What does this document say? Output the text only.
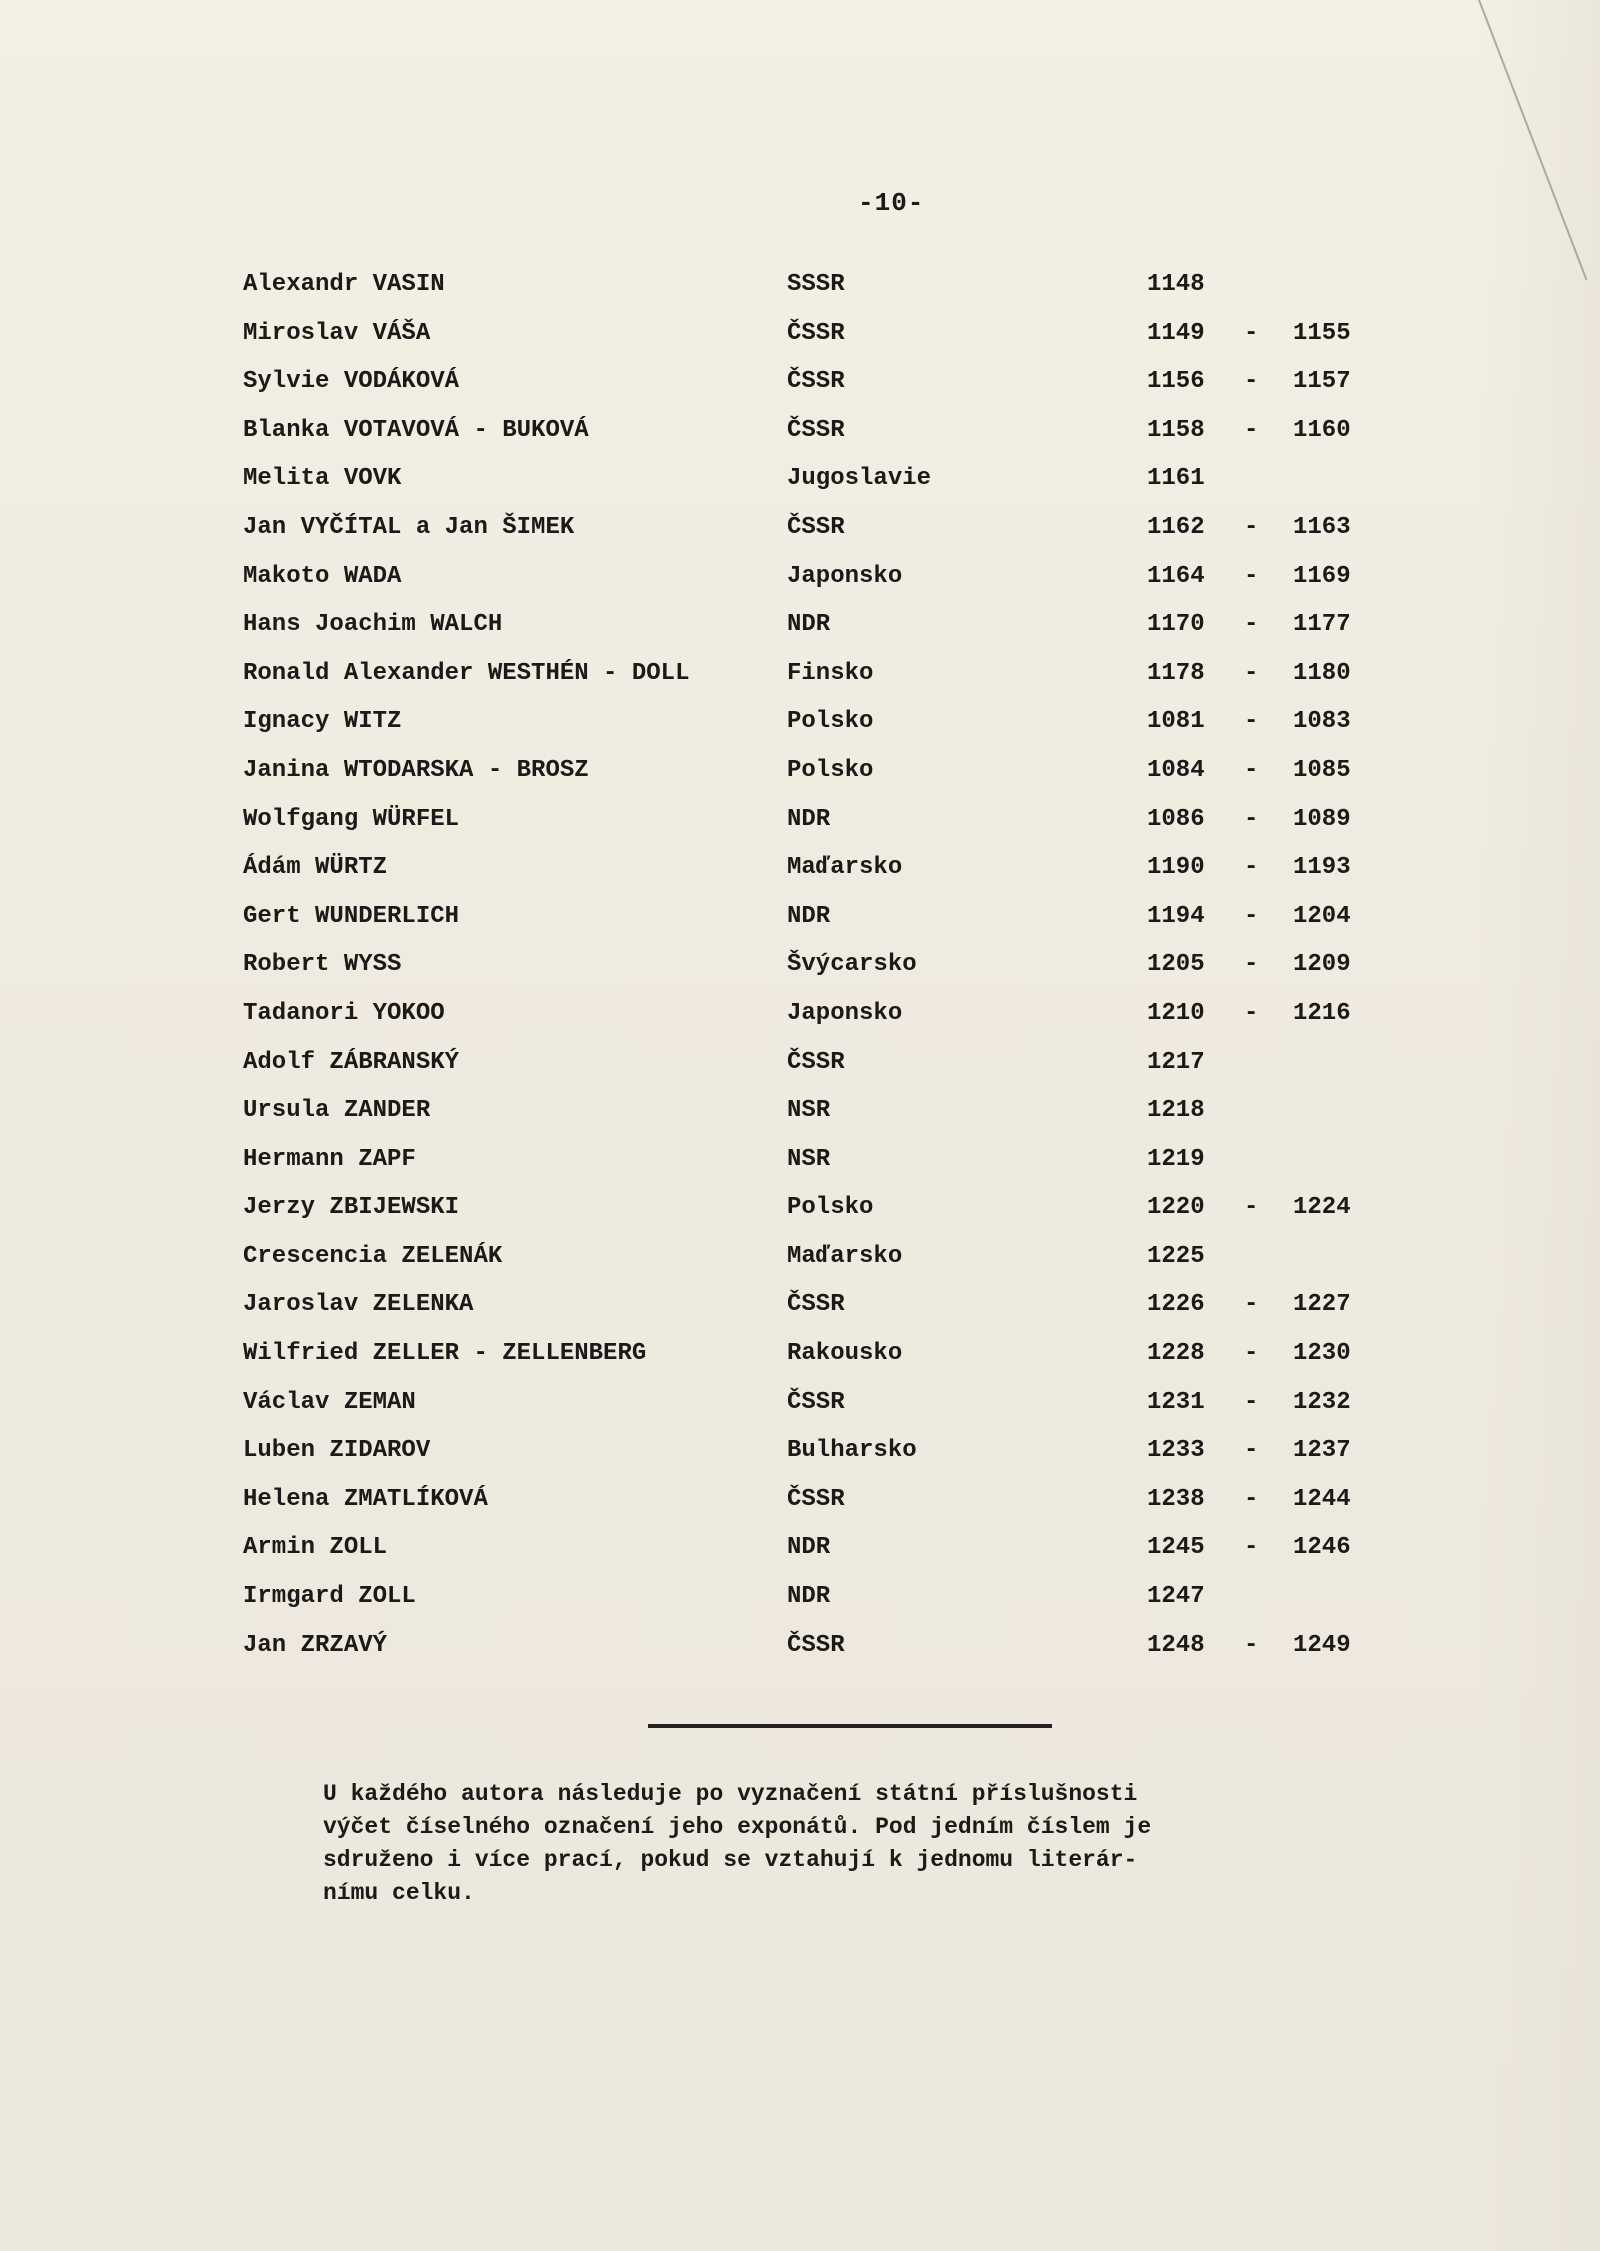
-10-
Alexandr VASIN	SSSR	1148
Miroslav VÁŠA	ČSSR	1149 - 1155
Sylvie VODÁKOVÁ	ČSSR	1156 - 1157
Blanka VOTAVOVÁ - BUKOVÁ	ČSSR	1158 - 1160
Melita VOVK	Jugoslavie	1161
Jan VYČÍTAL a Jan ŠIMEK	ČSSR	1162 - 1163
Makoto WADA	Japonsko	1164 - 1169
Hans Joachim WALCH	NDR	1170 - 1177
Ronald Alexander WESTHÉN - DOLL	Finsko	1178 - 1180
Ignacy WITZ	Polsko	1081 - 1083
Janina WTODARSKA - BROSZ	Polsko	1084 - 1085
Wolfgang WÜRFEL	NDR	1086 - 1089
Ádám WÜRTZ	Maďarsko	1190 - 1193
Gert WUNDERLICH	NDR	1194 - 1204
Robert WYSS	Švýcarsko	1205 - 1209
Tadanori YOKOO	Japonsko	1210 - 1216
Adolf ZÁBRANSKÝ	ČSSR	1217
Ursula ZANDER	NSR	1218
Hermann ZAPF	NSR	1219
Jerzy ZBIJEWSKI	Polsko	1220 - 1224
Crescencia ZELENÁK	Maďarsko	1225
Jaroslav ZELENKA	ČSSR	1226 - 1227
Wilfried ZELLER - ZELLENBERG	Rakousko	1228 - 1230
Václav ZEMAN	ČSSR	1231 - 1232
Luben ZIDAROV	Bulharsko	1233 - 1237
Helena ZMATLÍKOVÁ	ČSSR	1238 - 1244
Armin ZOLL	NDR	1245 - 1246
Irmgard ZOLL	NDR	1247
Jan ZRZAVÝ	ČSSR	1248 - 1249
U každého autora následuje po vyznačení státní příslušnosti
výčet číselného označení jeho exponátů. Pod jedním číslem je
sdruženo i více prací, pokud se vztahují k jednomu literár-
nímu celku.
